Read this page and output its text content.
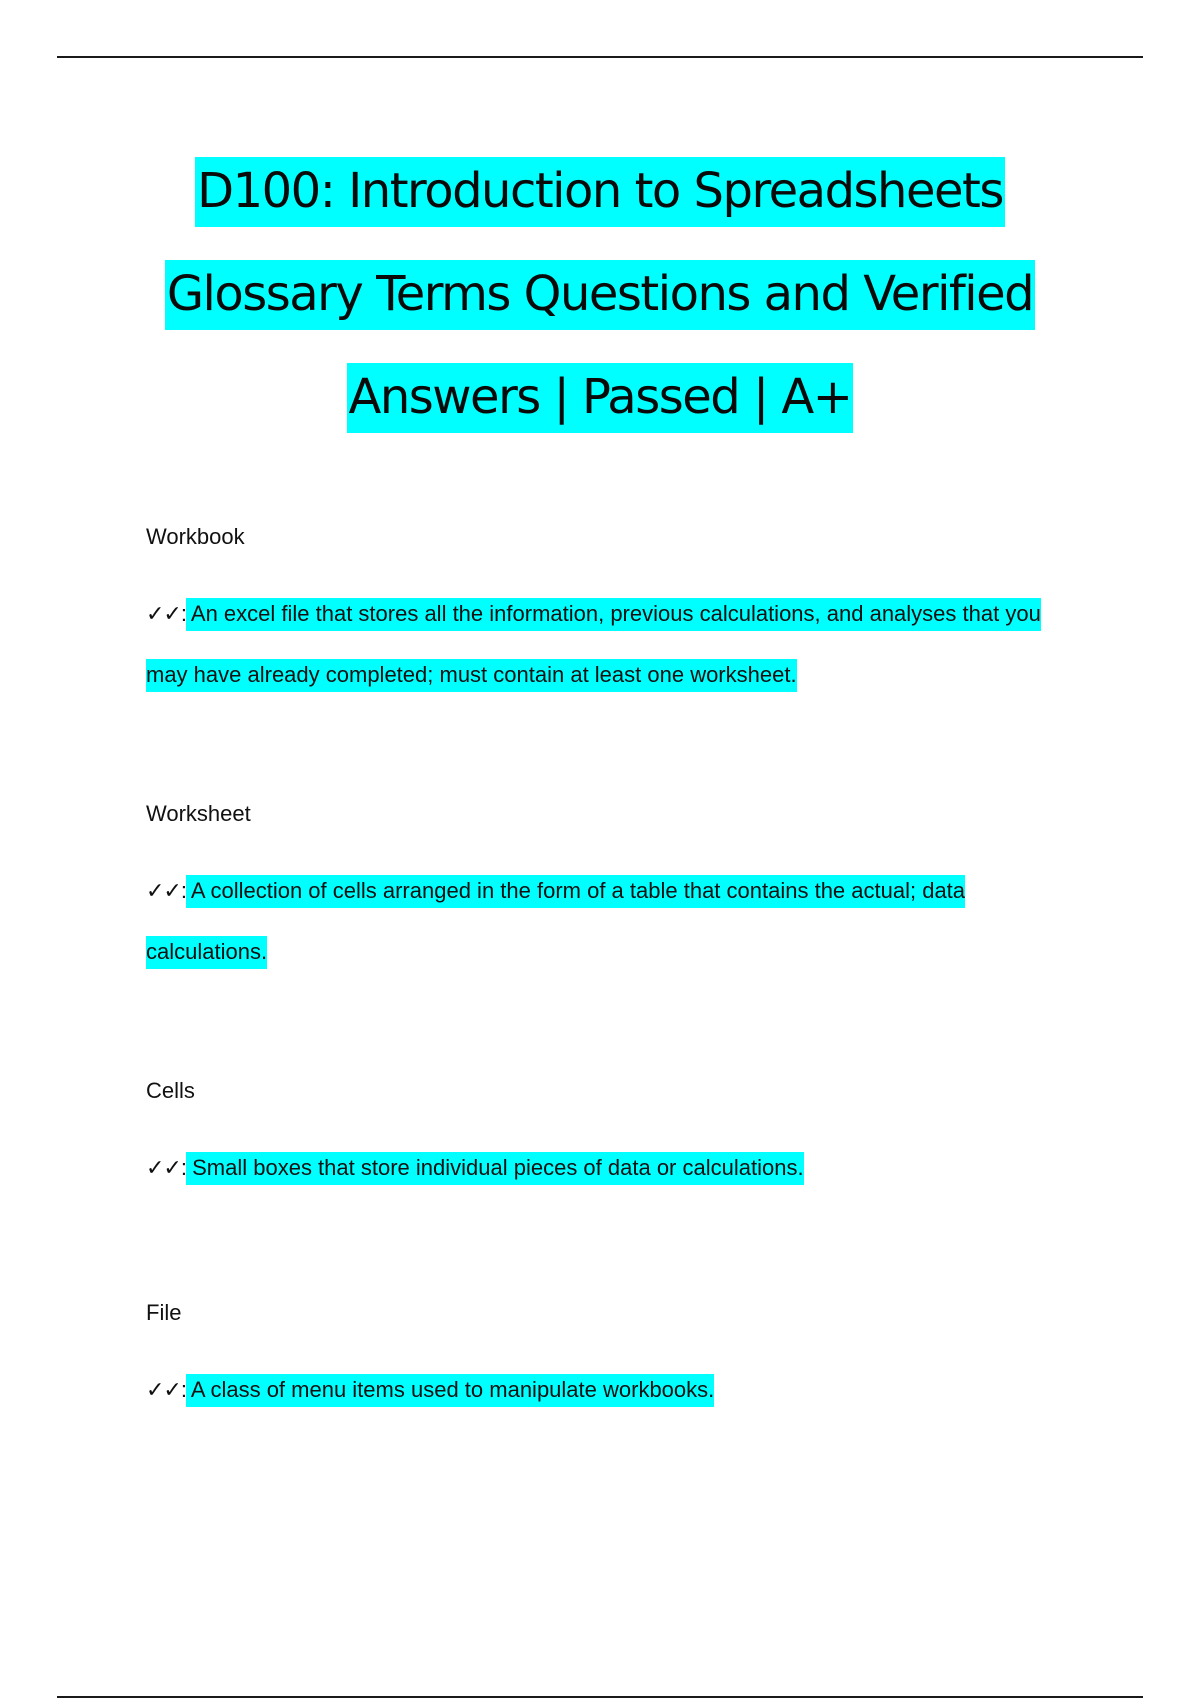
D100: Introduction to Spreadsheets
Glossary Terms Questions and Verified
Answers | Passed | A+
Workbook
✓✓: An excel file that stores all the information, previous calculations, and analyses that you may have already completed; must contain at least one worksheet.
Worksheet
✓✓: A collection of cells arranged in the form of a table that contains the actual; data calculations.
Cells
✓✓: Small boxes that store individual pieces of data or calculations.
File
✓✓: A class of menu items used to manipulate workbooks.
